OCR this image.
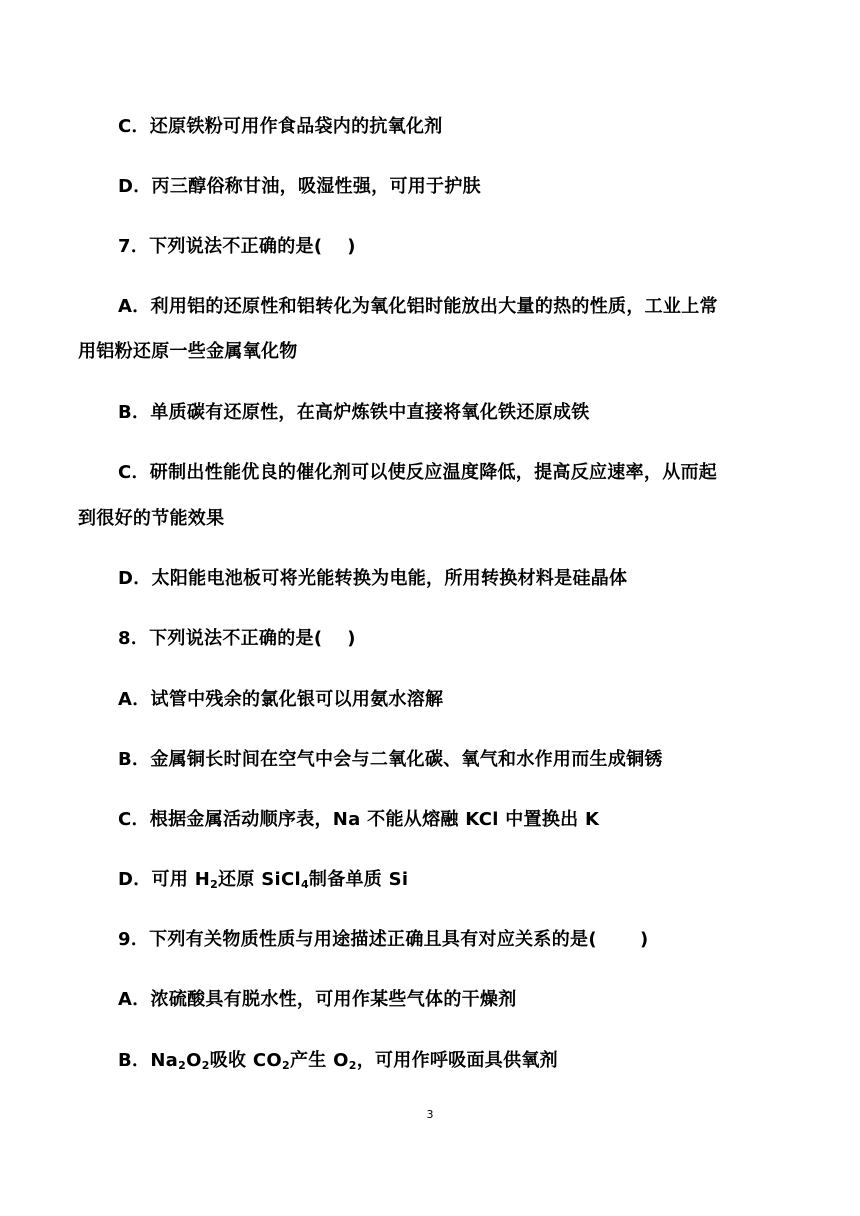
C．还原铁粉可用作食品袋内的抗氧化剂
D．丙三醇俗称甘油，吸湿性强，可用于护肤
7．下列说法不正确的是(　 )
A．利用铝的还原性和铝转化为氧化铝时能放出大量的热的性质，工业上常
用铝粉还原一些金属氧化物
B．单质碳有还原性，在高炉炼铁中直接将氧化铁还原成铁
C．研制出性能优良的催化剂可以使反应温度降低，提高反应速率，从而起
到很好的节能效果
D．太阳能电池板可将光能转换为电能，所用转换材料是硅晶体
8．下列说法不正确的是(　 )
A．试管中残余的氯化银可以用氨水溶解
B．金属铜长时间在空气中会与二氧化碳、氧气和水作用而生成铜锈
C．根据金属活动顺序表，Na 不能从熔融 KCl 中置换出 K
D．可用 $H_2$还原 SiCl$_4$制备单质 Si
9．下列有关物质性质与用途描述正确且具有对应关系的是(　　 )
A．浓硫酸具有脱水性，可用作某些气体的干燥剂
B．$Na_2O_2$吸收 $CO_2$产生 $O_2$，可用作呼吸面具供氧剂
3
